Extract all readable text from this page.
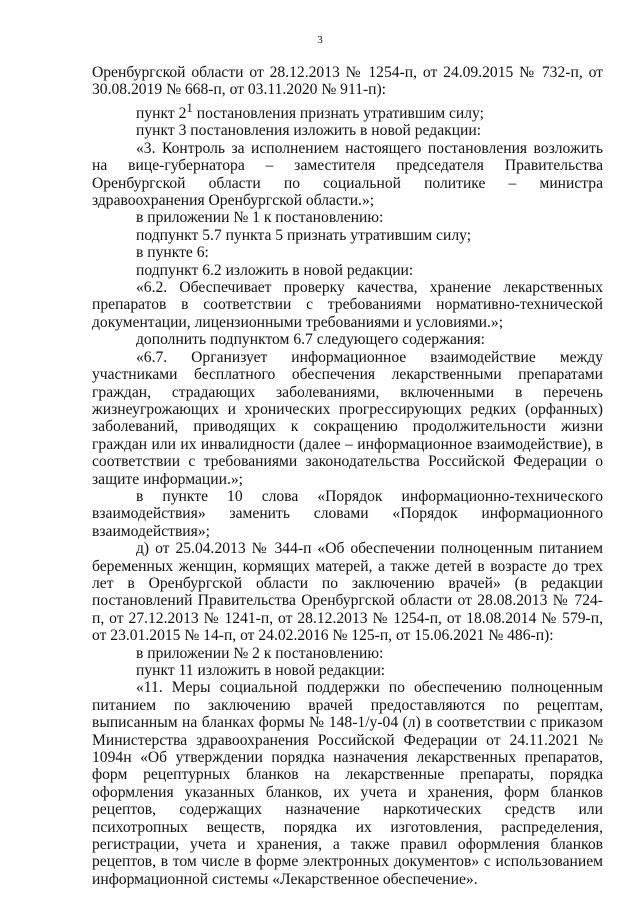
3

Оренбургской области от 28.12.2013 № 1254-п, от 24.09.2015 № 732-п, от 30.08.2019 № 668-п, от 03.11.2020 № 911-п):

пункт $2^1$ постановления признать утратившим силу;

пункт 3 постановления изложить в новой редакции:

«3. Контроль за исполнением настоящего постановления возложить на вице-губернатора – заместителя председателя Правительства Оренбургской области по социальной политике – министра здравоохранения Оренбургской области.»;

в приложении № 1 к постановлению:

подпункт 5.7 пункта 5 признать утратившим силу;

в пункте 6:

подпункт 6.2 изложить в новой редакции:

«6.2. Обеспечивает проверку качества, хранение лекарственных препаратов в соответствии с требованиями нормативно-технической документации, лицензионными требованиями и условиями.»;

дополнить подпунктом 6.7 следующего содержания:

«6.7. Организует информационное взаимодействие между участниками бесплатного обеспечения лекарственными препаратами граждан, страдающих заболеваниями, включенными в перечень жизнеугрожающих и хронических прогрессирующих редких (орфанных) заболеваний, приводящих к сокращению продолжительности жизни граждан или их инвалидности (далее – информационное взаимодействие), в соответствии с требованиями законодательства Российской Федерации о защите информации.»;

в пункте 10 слова «Порядок информационно-технического взаимодействия» заменить словами «Порядок информационного взаимодействия»;

д) от 25.04.2013 № 344-п «Об обеспечении полноценным питанием беременных женщин, кормящих матерей, а также детей в возрасте до трех лет в Оренбургской области по заключению врачей» (в редакции постановлений Правительства Оренбургской области от 28.08.2013 № 724-п, от 27.12.2013 № 1241-п, от 28.12.2013 № 1254-п, от 18.08.2014 № 579-п, от 23.01.2015 № 14-п, от 24.02.2016 № 125-п, от 15.06.2021 № 486-п):

в приложении № 2 к постановлению:

пункт 11 изложить в новой редакции:

«11. Меры социальной поддержки по обеспечению полноценным питанием по заключению врачей предоставляются по рецептам, выписанным на бланках формы № 148-1/у-04 (л) в соответствии с приказом Министерства здравоохранения Российской Федерации от 24.11.2021 № 1094н «Об утверждении порядка назначения лекарственных препаратов, форм рецептурных бланков на лекарственные препараты, порядка оформления указанных бланков, их учета и хранения, форм бланков рецептов, содержащих назначение наркотических средств или психотропных веществ, порядка их изготовления, распределения, регистрации, учета и хранения, а также правил оформления бланков рецептов, в том числе в форме электронных документов» с использованием информационной системы «Лекарственное обеспечение».
